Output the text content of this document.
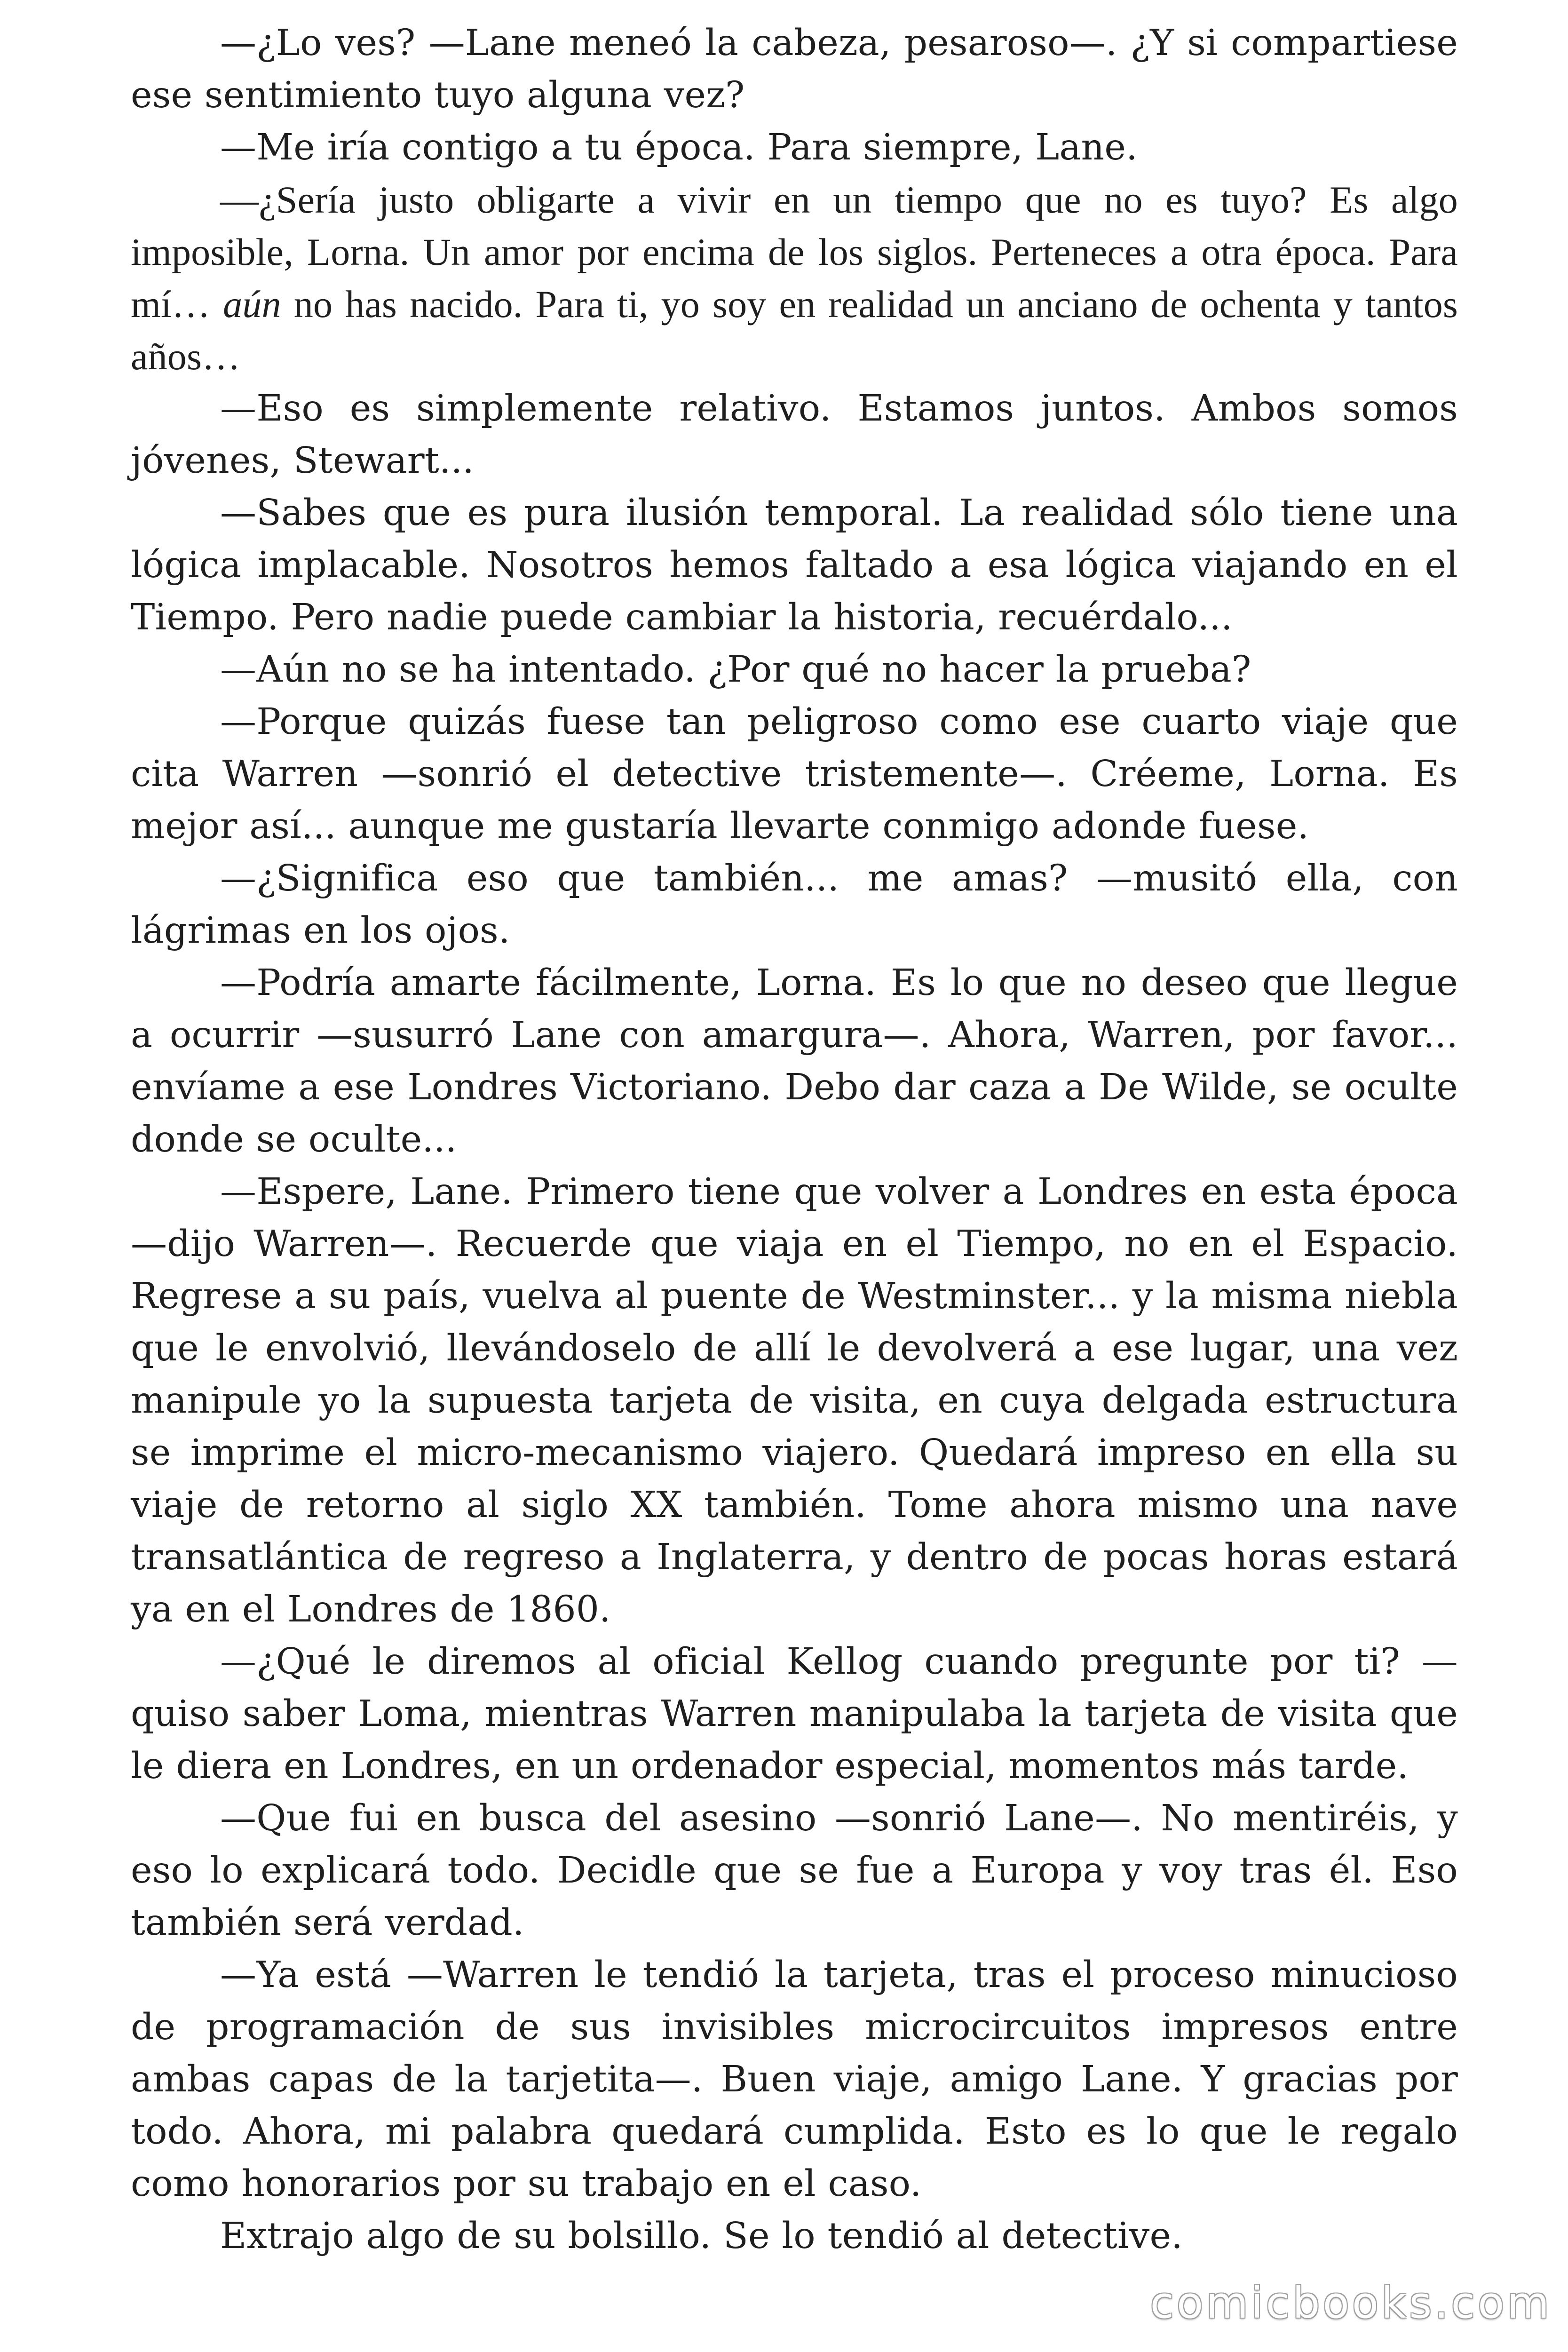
—¿Lo ves? —Lane meneó la cabeza, pesaroso—. ¿Y si compartiese ese sentimiento tuyo alguna vez?

—Me iría contigo a tu época. Para siempre, Lane.

—¿Sería justo obligarte a vivir en un tiempo que no es tuyo? Es algo imposible, Lorna. Un amor por encima de los siglos. Perteneces a otra época. Para mí… aún no has nacido. Para ti, yo soy en realidad un anciano de ochenta y tantos años…

—Eso es simplemente relativo. Estamos juntos. Ambos somos jóvenes, Stewart...

—Sabes que es pura ilusión temporal. La realidad sólo tiene una lógica implacable. Nosotros hemos faltado a esa lógica viajando en el Tiempo. Pero nadie puede cambiar la historia, recuérdalo...

—Aún no se ha intentado. ¿Por qué no hacer la prueba?

—Porque quizás fuese tan peligroso como ese cuarto viaje que cita Warren —sonrió el detective tristemente—. Créeme, Lorna. Es mejor así... aunque me gustaría llevarte conmigo adonde fuese.

—¿Significa eso que también... me amas? —musitó ella, con lágrimas en los ojos.

—Podría amarte fácilmente, Lorna. Es lo que no deseo que llegue a ocurrir —susurró Lane con amargura—. Ahora, Warren, por favor... envíame a ese Londres Victoriano. Debo dar caza a De Wilde, se oculte donde se oculte...

—Espere, Lane. Primero tiene que volver a Londres en esta época —dijo Warren—. Recuerde que viaja en el Tiempo, no en el Espacio. Regrese a su país, vuelva al puente de Westminster... y la misma niebla que le envolvió, llevándoselo de allí le devolverá a ese lugar, una vez manipule yo la supuesta tarjeta de visita, en cuya delgada estructura se imprime el micro-mecanismo viajero. Quedará impreso en ella su viaje de retorno al siglo XX también. Tome ahora mismo una nave transatlántica de regreso a Inglaterra, y dentro de pocas horas estará ya en el Londres de 1860.

—¿Qué le diremos al oficial Kellog cuando pregunte por ti? —quiso saber Loma, mientras Warren manipulaba la tarjeta de visita que le diera en Londres, en un ordenador especial, momentos más tarde.

—Que fui en busca del asesino —sonrió Lane—. No mentiréis, y eso lo explicará todo. Decidle que se fue a Europa y voy tras él. Eso también será verdad.

—Ya está —Warren le tendió la tarjeta, tras el proceso minucioso de programación de sus invisibles microcircuitos impresos entre ambas capas de la tarjetita—. Buen viaje, amigo Lane. Y gracias por todo. Ahora, mi palabra quedará cumplida. Esto es lo que le regalo como honorarios por su trabajo en el caso.

Extrajo algo de su bolsillo. Se lo tendió al detective.

comicbooks.com
